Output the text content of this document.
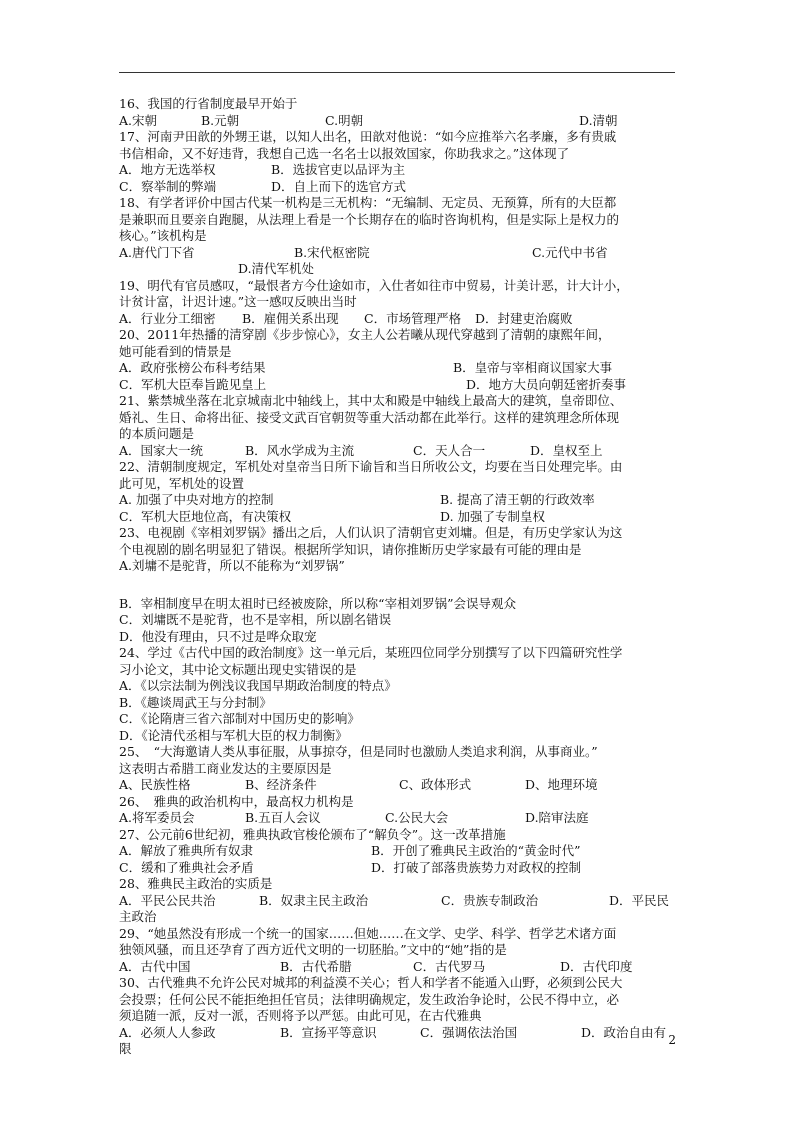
16、我国的行省制度最早开始于
A.宋朝	B.元朝	C.明朝	D.清朝
17、河南尹田歆的外甥王谌，以知人出名，田歆对他说：“如今应推举六名孝廉，多有贵戚
书信相命，又不好违背，我想自己选一名名士以报效国家，你助我求之。”这体现了
A．地方无选举权	B．选拔官吏以品评为主
C．察举制的弊端	D．自上而下的选官方式
18、有学者评价中国古代某一机构是三无机构：“无编制、无定员、无预算，所有的大臣都
是兼职而且要亲自跑腿，从法理上看是一个长期存在的临时咨询机构，但是实际上是权力的
核心。”该机构是
A.唐代门下省	B.宋代枢密院	C.元代中书省
D.清代军机处
19、明代有官员感叹，“最恨者方今仕途如市，入仕者如往市中贸易，计美计恶，计大计小，
计贫计富，计迟计速。”这一感叹反映出当时
A．行业分工细密 B．雇佣关系出现 C．市场管理严格 D．封建吏治腐败
20、2011年热播的清穿剧《步步惊心》，女主人公若曦从现代穿越到了清朝的康熙年间，
她可能看到的情景是
A．政府张榜公布科考结果	B．皇帝与宰相商议国家大事
C．军机大臣奉旨跪见皇上	D．地方大员向朝廷密折奏事
21、紫禁城坐落在北京城南北中轴线上，其中太和殿是中轴线上最高大的建筑，皇帝即位、
婚礼、生日、命将出征、接受文武百官朝贺等重大活动都在此举行。这样的建筑理念所体现
的本质问题是
A．国家大一统	B．风水学成为主流	C．天人合一	D．皇权至上
22、清朝制度规定，军机处对皇帝当日所下谕旨和当日所收公文，均要在当日处理完毕。由
此可见，军机处的设置
A. 加强了中央对地方的控制	B. 提高了清王朝的行政效率
C．军机大臣地位高，有决策权	D. 加强了专制皇权
23、电视剧《宰相刘罗锅》播出之后，人们认识了清朝官吏刘墉。但是，有历史学家认为这
个电视剧的剧名明显犯了错误。根据所学知识，请你推断历史学家最有可能的理由是
A.刘墉不是驼背，所以不能称为“刘罗锅”
B．宰相制度早在明太祖时已经被废除，所以称“宰相刘罗锅”会误导观众
C．刘墉既不是驼背，也不是宰相，所以剧名错误
D．他没有理由，只不过是哗众取宠
24、学过《古代中国的政治制度》这一单元后，某班四位同学分别撰写了以下四篇研究性学
习小论文，其中论文标题出现史实错误的是
A．《以宗法制为例浅议我国早期政治制度的特点》
B．《趣谈周武王与分封制》
C．《论隋唐三省六部制对中国历史的影响》
D．《论清代丞相与军机大臣的权力制衡》
25、　“大海邀请人类从事征服，从事掠夺，但是同时也激励人类追求利润，从事商业。”
这表明古希腊工商业发达的主要原因是
A、民族性格	B、经济条件	C、政体形式	D、地理环境
26、　雅典的政治机构中，最高权力机构是
A.将军委员会	B.五百人会议	C.公民大会	D.陪审法庭
27、公元前6世纪初，雅典执政官梭伦颁布了“解负令”。这一改革措施
A．解放了雅典所有奴隶	B．开创了雅典民主政治的“黄金时代”
C．缓和了雅典社会矛盾	D．打破了部落贵族势力对政权的控制
28、雅典民主政治的实质是
A．平民公民共治	B．奴隶主民主政治	C．贵族专制政治	D．平民民
主政治
29、“她虽然没有形成一个统一的国家……但她……在文学、史学、科学、哲学艺术诸方面
独领风骚，而且还孕育了西方近代文明的一切胚胎。”文中的“她”指的是
A．古代中国	B．古代希腊	C．古代罗马	D．古代印度
30、古代雅典不允许公民对城邦的利益漠不关心；哲人和学者不能遁入山野，必须到公民大
会投票；任何公民不能拒绝担任官员；法律明确规定，发生政治争论时，公民不得中立，必
须追随一派，反对一派，否则将予以严惩。由此可见，在古代雅典
A．必须人人参政	B．宣扬平等意识	C．强调依法治国	D．政治自由有
限
2
